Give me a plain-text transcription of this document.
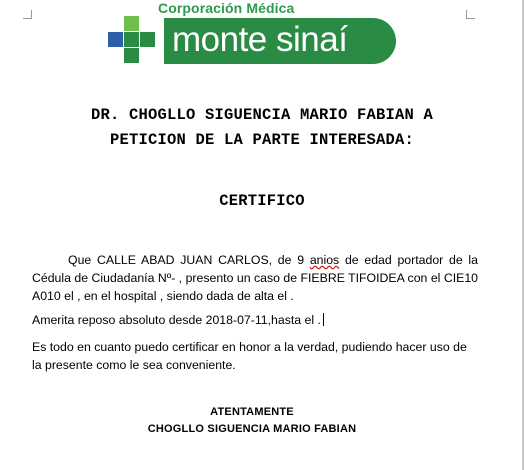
Corporación Médica
monte sinaí
DR. CHOGLLO SIGUENCIA MARIO FABIAN A
PETICION DE LA PARTE INTERESADA:
CERTIFICO
Que CALLE ABAD JUAN CARLOS, de 9 anios de edad portador de la Cédula de Ciudadanía Nº- , presento un caso de FIEBRE TIFOIDEA con el CIE10 A010 el , en el hospital , siendo dada de alta el .
Amerita reposo absoluto desde 2018-07-11,hasta el .
Es todo en cuanto puedo certificar en honor a la verdad, pudiendo hacer uso de la presente como le sea conveniente.
ATENTAMENTE
CHOGLLO SIGUENCIA MARIO FABIAN
